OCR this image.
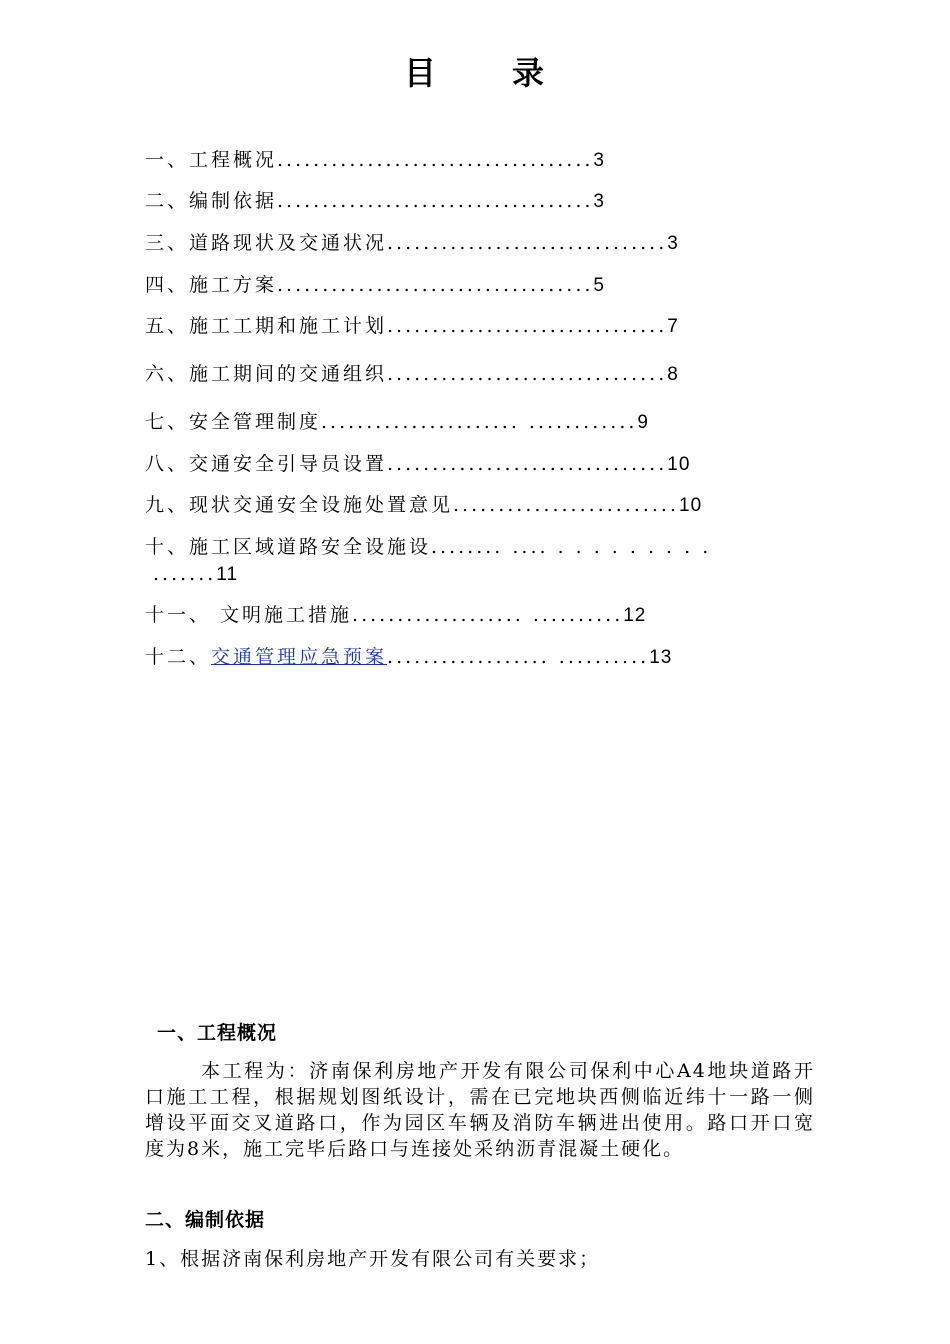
目 录
一、工程概况...................................3
二、编制依据...................................3
三、道路现状及交通状况...............................3
四、施工方案...................................5
五、施工工期和施工计划...............................7
六、施工期间的交通组织...............................8
七、安全管理制度...................... ............9
八、交通安全引导员设置...............................10
九、现状交通安全设施处置意见.........................10
十、施工区域道路安全设施设........ .... . . . . . . . . .
.......11
十一、 文明施工措施................... ..........12
十二、交通管理应急预案.................. ..........13
一、工程概况
本工程为：济南保利房地产开发有限公司保利中心A4地块道路开口施工工程，根据规划图纸设计，需在已完地块西侧临近纬十一路一侧增设平面交叉道路口，作为园区车辆及消防车辆进出使用。路口开口宽度为8米，施工完毕后路口与连接处采纳沥青混凝土硬化。
二、编制依据
1、根据济南保利房地产开发有限公司有关要求；
